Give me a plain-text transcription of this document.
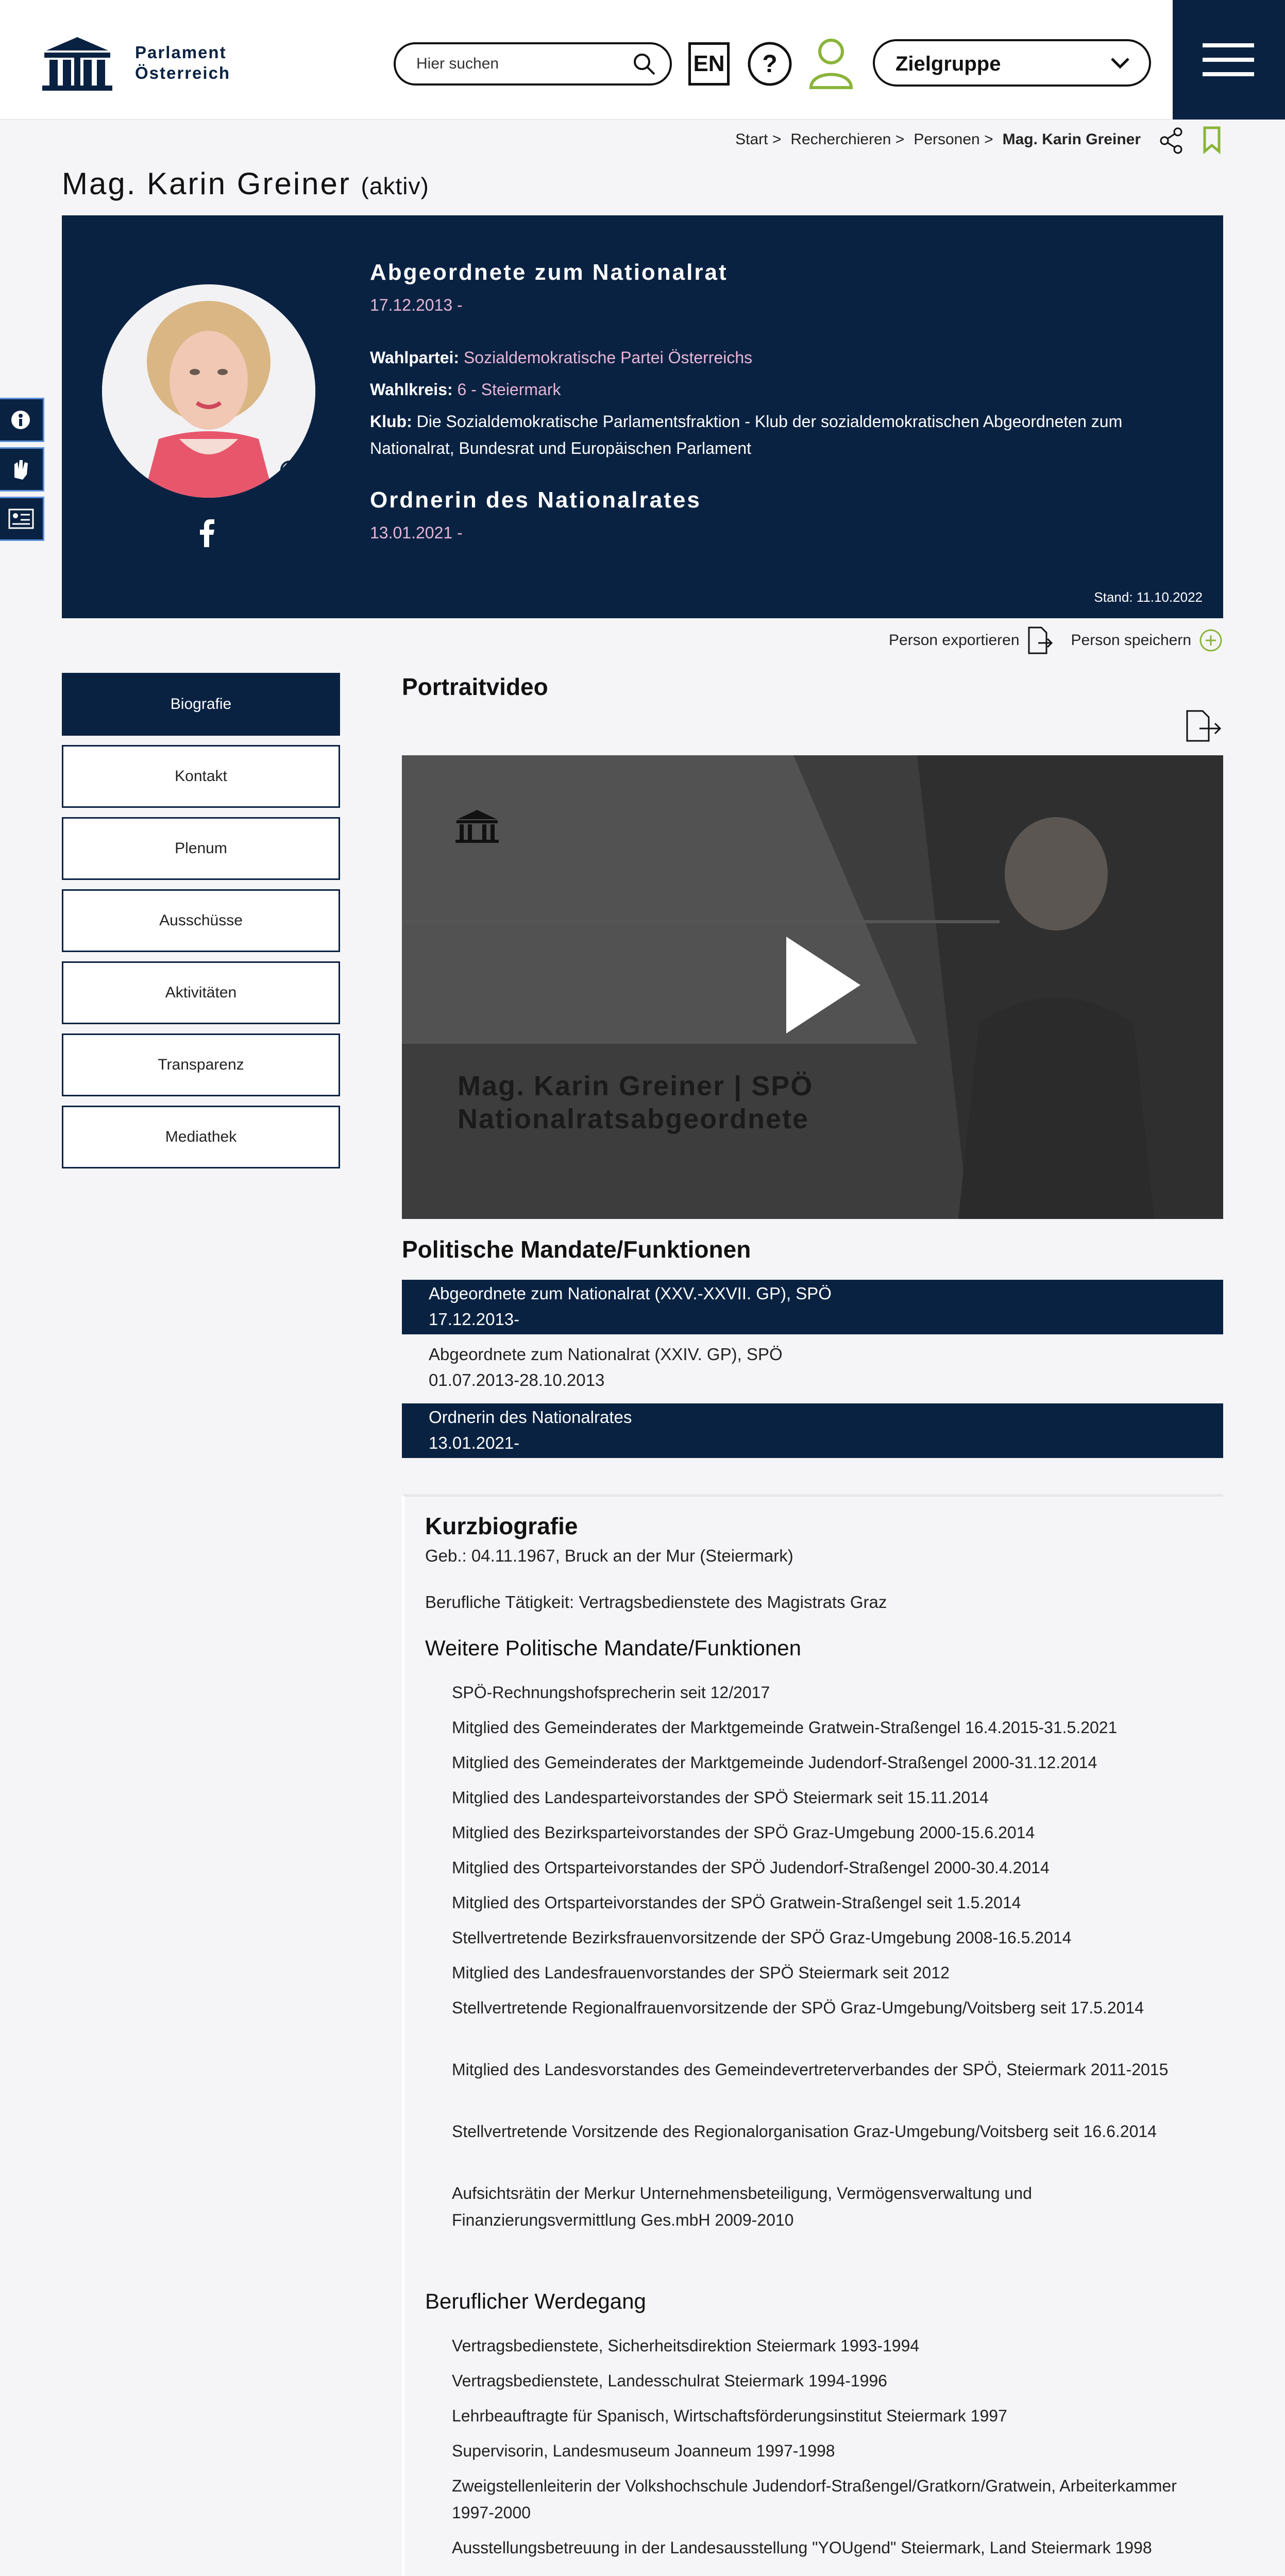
Parlament
Österreich
Hier suchen	EN ?	Zielgruppe
Start > Recherchieren > Personen > Mag. Karin Greiner
Mag. Karin Greiner (aktiv)
Abgeordnete zum Nationalrat
17.12.2013 -
Wahlpartei: Sozialdemokratische Partei Österreichs
Wahlkreis: 6 - Steiermark
Klub: Die Sozialdemokratische Parlamentsfraktion - Klub der sozialdemokratischen Abgeordneten zum Nationalrat, Bundesrat und Europäischen Parlament
Ordnerin des Nationalrates
13.01.2021 -
Stand: 11.10.2022
Person exportieren	Person speichern
Biografie
Kontakt
Plenum
Ausschüsse
Aktivitäten
Transparenz
Mediathek
Portraitvideo
Mag. Karin Greiner | SPÖ
Nationalratsabgeordnete
Politische Mandate/Funktionen
Abgeordnete zum Nationalrat (XXV.-XXVII. GP), SPÖ
17.12.2013-
Abgeordnete zum Nationalrat (XXIV. GP), SPÖ
01.07.2013-28.10.2013
Ordnerin des Nationalrates
13.01.2021-
Kurzbiografie
Geb.: 04.11.1967, Bruck an der Mur (Steiermark)
Berufliche Tätigkeit: Vertragsbedienstete des Magistrats Graz
Weitere Politische Mandate/Funktionen
SPÖ-Rechnungshofsprecherin seit 12/2017
Mitglied des Gemeinderates der Marktgemeinde Gratwein-Straßengel 16.4.2015-31.5.2021
Mitglied des Gemeinderates der Marktgemeinde Judendorf-Straßengel 2000-31.12.2014
Mitglied des Landesparteivorstandes der SPÖ Steiermark seit 15.11.2014
Mitglied des Bezirksparteivorstandes der SPÖ Graz-Umgebung 2000-15.6.2014
Mitglied des Ortsparteivorstandes der SPÖ Judendorf-Straßengel 2000-30.4.2014
Mitglied des Ortsparteivorstandes der SPÖ Gratwein-Straßengel seit 1.5.2014
Stellvertretende Bezirksfrauenvorsitzende der SPÖ Graz-Umgebung 2008-16.5.2014
Mitglied des Landesfrauenvorstandes der SPÖ Steiermark seit 2012
Stellvertretende Regionalfrauenvorsitzende der SPÖ Graz-Umgebung/Voitsberg seit 17.5.2014
Mitglied des Landesvorstandes des Gemeindevertreterverbandes der SPÖ, Steiermark 2011-2015
Stellvertretende Vorsitzende des Regionalorganisation Graz-Umgebung/Voitsberg seit 16.6.2014
Aufsichtsrätin der Merkur Unternehmensbeteiligung, Vermögensverwaltung und Finanzierungsvermittlung Ges.mbH 2009-2010
Beruflicher Werdegang
Vertragsbedienstete, Sicherheitsdirektion Steiermark 1993-1994
Vertragsbedienstete, Landesschulrat Steiermark 1994-1996
Lehrbeauftragte für Spanisch, Wirtschaftsförderungsinstitut Steiermark 1997
Supervisorin, Landesmuseum Joanneum 1997-1998
Zweigstellenleiterin der Volkshochschule Judendorf-Straßengel/Gratkorn/Gratwein, Arbeiterkammer 1997-2000
Ausstellungsbetreuung in der Landesausstellung "YOUgend" Steiermark, Land Steiermark 1998
